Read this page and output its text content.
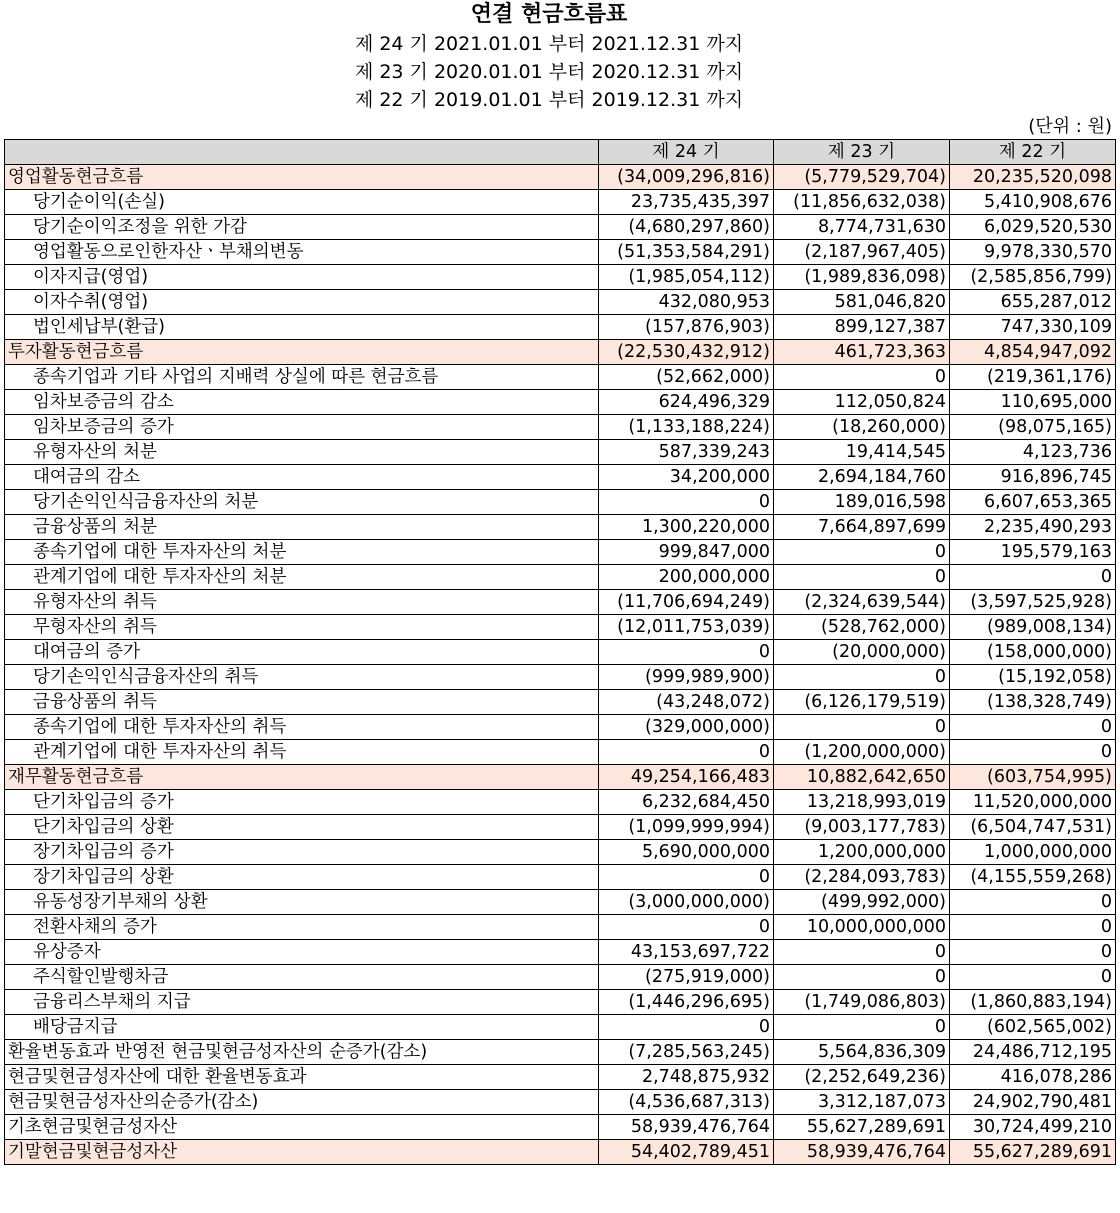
연결 현금흐름표
제 24 기 2021.01.01 부터 2021.12.31 까지
제 23 기 2020.01.01 부터 2020.12.31 까지
제 22 기 2019.01.01 부터 2019.12.31 까지
(단위 : 원)
	제 24 기	제 23 기	제 22 기
영업활동현금흐름	(34,009,296,816)	(5,779,529,704)	20,235,520,098
당기순이익(손실)	23,735,435,397	(11,856,632,038)	5,410,908,676
당기순이익조정을 위한 가감	(4,680,297,860)	8,774,731,630	6,029,520,530
영업활동으로인한자산ㆍ부채의변동	(51,353,584,291)	(2,187,967,405)	9,978,330,570
이자지급(영업)	(1,985,054,112)	(1,989,836,098)	(2,585,856,799)
이자수취(영업)	432,080,953	581,046,820	655,287,012
법인세납부(환급)	(157,876,903)	899,127,387	747,330,109
투자활동현금흐름	(22,530,432,912)	461,723,363	4,854,947,092
종속기업과 기타 사업의 지배력 상실에 따른 현금흐름	(52,662,000)	0	(219,361,176)
임차보증금의 감소	624,496,329	112,050,824	110,695,000
임차보증금의 증가	(1,133,188,224)	(18,260,000)	(98,075,165)
유형자산의 처분	587,339,243	19,414,545	4,123,736
대여금의 감소	34,200,000	2,694,184,760	916,896,745
당기손익인식금융자산의 처분	0	189,016,598	6,607,653,365
금융상품의 처분	1,300,220,000	7,664,897,699	2,235,490,293
종속기업에 대한 투자자산의 처분	999,847,000	0	195,579,163
관계기업에 대한 투자자산의 처분	200,000,000	0	0
유형자산의 취득	(11,706,694,249)	(2,324,639,544)	(3,597,525,928)
무형자산의 취득	(12,011,753,039)	(528,762,000)	(989,008,134)
대여금의 증가	0	(20,000,000)	(158,000,000)
당기손익인식금융자산의 취득	(999,989,900)	0	(15,192,058)
금융상품의 취득	(43,248,072)	(6,126,179,519)	(138,328,749)
종속기업에 대한 투자자산의 취득	(329,000,000)	0	0
관계기업에 대한 투자자산의 취득	0	(1,200,000,000)	0
재무활동현금흐름	49,254,166,483	10,882,642,650	(603,754,995)
단기차입금의 증가	6,232,684,450	13,218,993,019	11,520,000,000
단기차입금의 상환	(1,099,999,994)	(9,003,177,783)	(6,504,747,531)
장기차입금의 증가	5,690,000,000	1,200,000,000	1,000,000,000
장기차입금의 상환	0	(2,284,093,783)	(4,155,559,268)
유동성장기부채의 상환	(3,000,000,000)	(499,992,000)	0
전환사채의 증가	0	10,000,000,000	0
유상증자	43,153,697,722	0	0
주식할인발행차금	(275,919,000)	0	0
금융리스부채의 지급	(1,446,296,695)	(1,749,086,803)	(1,860,883,194)
배당금지급	0	0	(602,565,002)
환율변동효과 반영전 현금및현금성자산의 순증가(감소)	(7,285,563,245)	5,564,836,309	24,486,712,195
현금및현금성자산에 대한 환율변동효과	2,748,875,932	(2,252,649,236)	416,078,286
현금및현금성자산의순증가(감소)	(4,536,687,313)	3,312,187,073	24,902,790,481
기초현금및현금성자산	58,939,476,764	55,627,289,691	30,724,499,210
기말현금및현금성자산	54,402,789,451	58,939,476,764	55,627,289,691
